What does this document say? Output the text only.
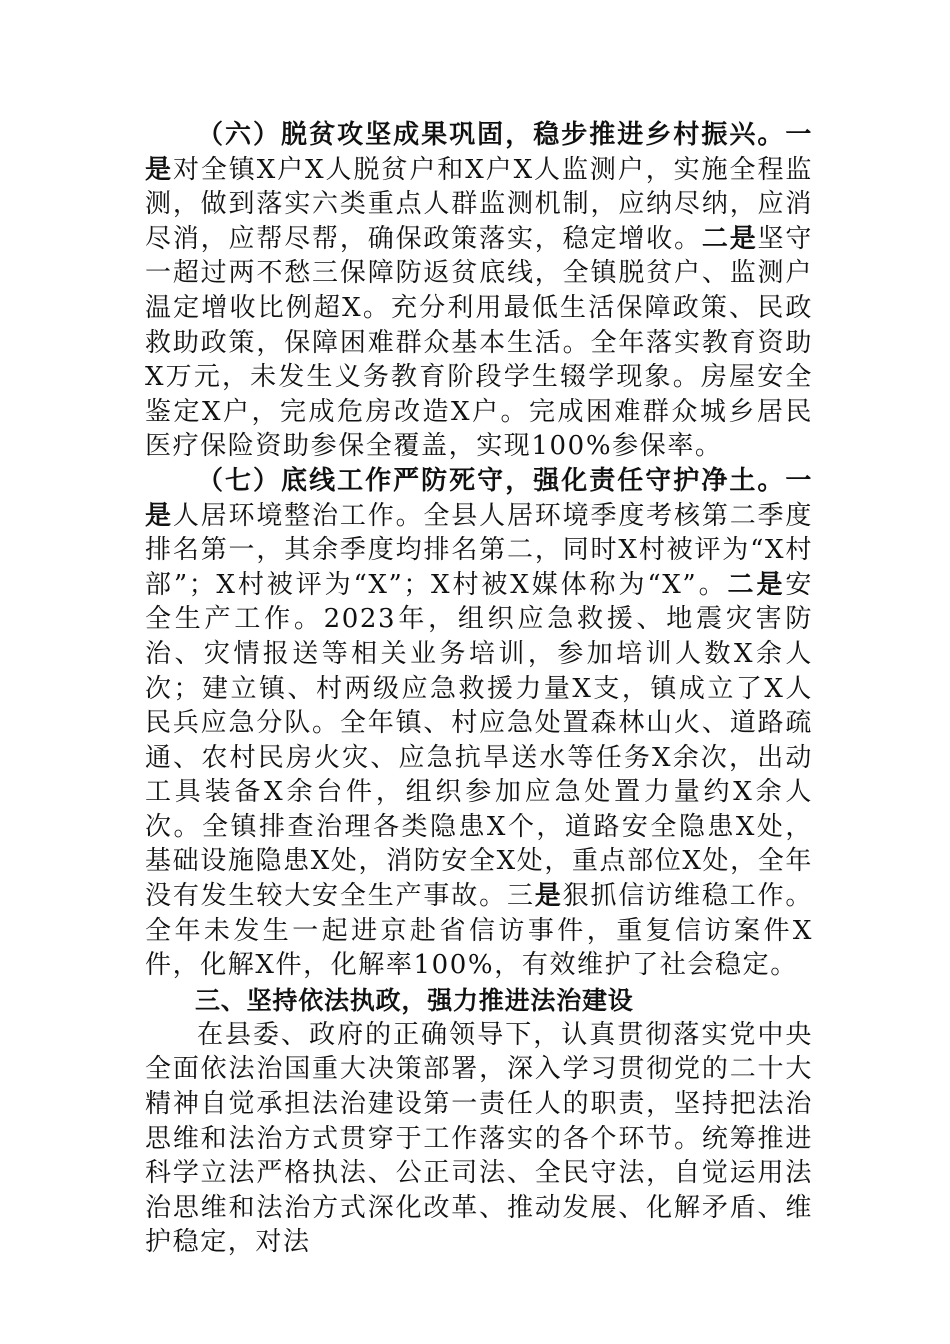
（六）脱贫攻坚成果巩固，稳步推进乡村振兴。一是对全镇X户X人脱贫户和X户X人监测户，实施全程监测，做到落实六类重点人群监测机制，应纳尽纳，应消尽消，应帮尽帮，确保政策落实，稳定增收。二是坚守一超过两不愁三保障防返贫底线，全镇脱贫户、监测户温定增收比例超X。充分利用最低生活保障政策、民政救助政策，保障困难群众基本生活。全年落实教育资助X万元，未发生义务教育阶段学生辍学现象。房屋安全鉴定X户，完成危房改造X户。完成困难群众城乡居民医疗保险资助参保全覆盖，实现100%参保率。

（七）底线工作严防死守，强化责任守护净土。一是人居环境整治工作。全县人居环境季度考核第二季度排名第一，其余季度均排名第二，同时X村被评为“X村部”；X村被评为“X”；X村被X媒体称为“X”。二是安全生产工作。2023年，组织应急救援、地震灾害防治、灾情报送等相关业务培训，参加培训人数X余人次；建立镇、村两级应急救援力量X支，镇成立了X人民兵应急分队。全年镇、村应急处置森林山火、道路疏通、农村民房火灾、应急抗旱送水等任务X余次，出动工具装备X余台件，组织参加应急处置力量约X余人次。全镇排查治理各类隐患X个，道路安全隐患X处，基础设施隐患X处，消防安全X处，重点部位X处，全年没有发生较大安全生产事故。三是狠抓信访维稳工作。全年未发生一起进京赴省信访事件，重复信访案件X件，化解X件，化解率100%，有效维护了社会稳定。

三、坚持依法执政，强力推进法治建设

在县委、政府的正确领导下，认真贯彻落实党中央全面依法治国重大决策部署，深入学习贯彻党的二十大精神自觉承担法治建设第一责任人的职责，坚持把法治思维和法治方式贯穿于工作落实的各个环节。统筹推进科学立法严格执法、公正司法、全民守法，自觉运用法治思维和法治方式深化改革、推动发展、化解矛盾、维护稳定，对法
